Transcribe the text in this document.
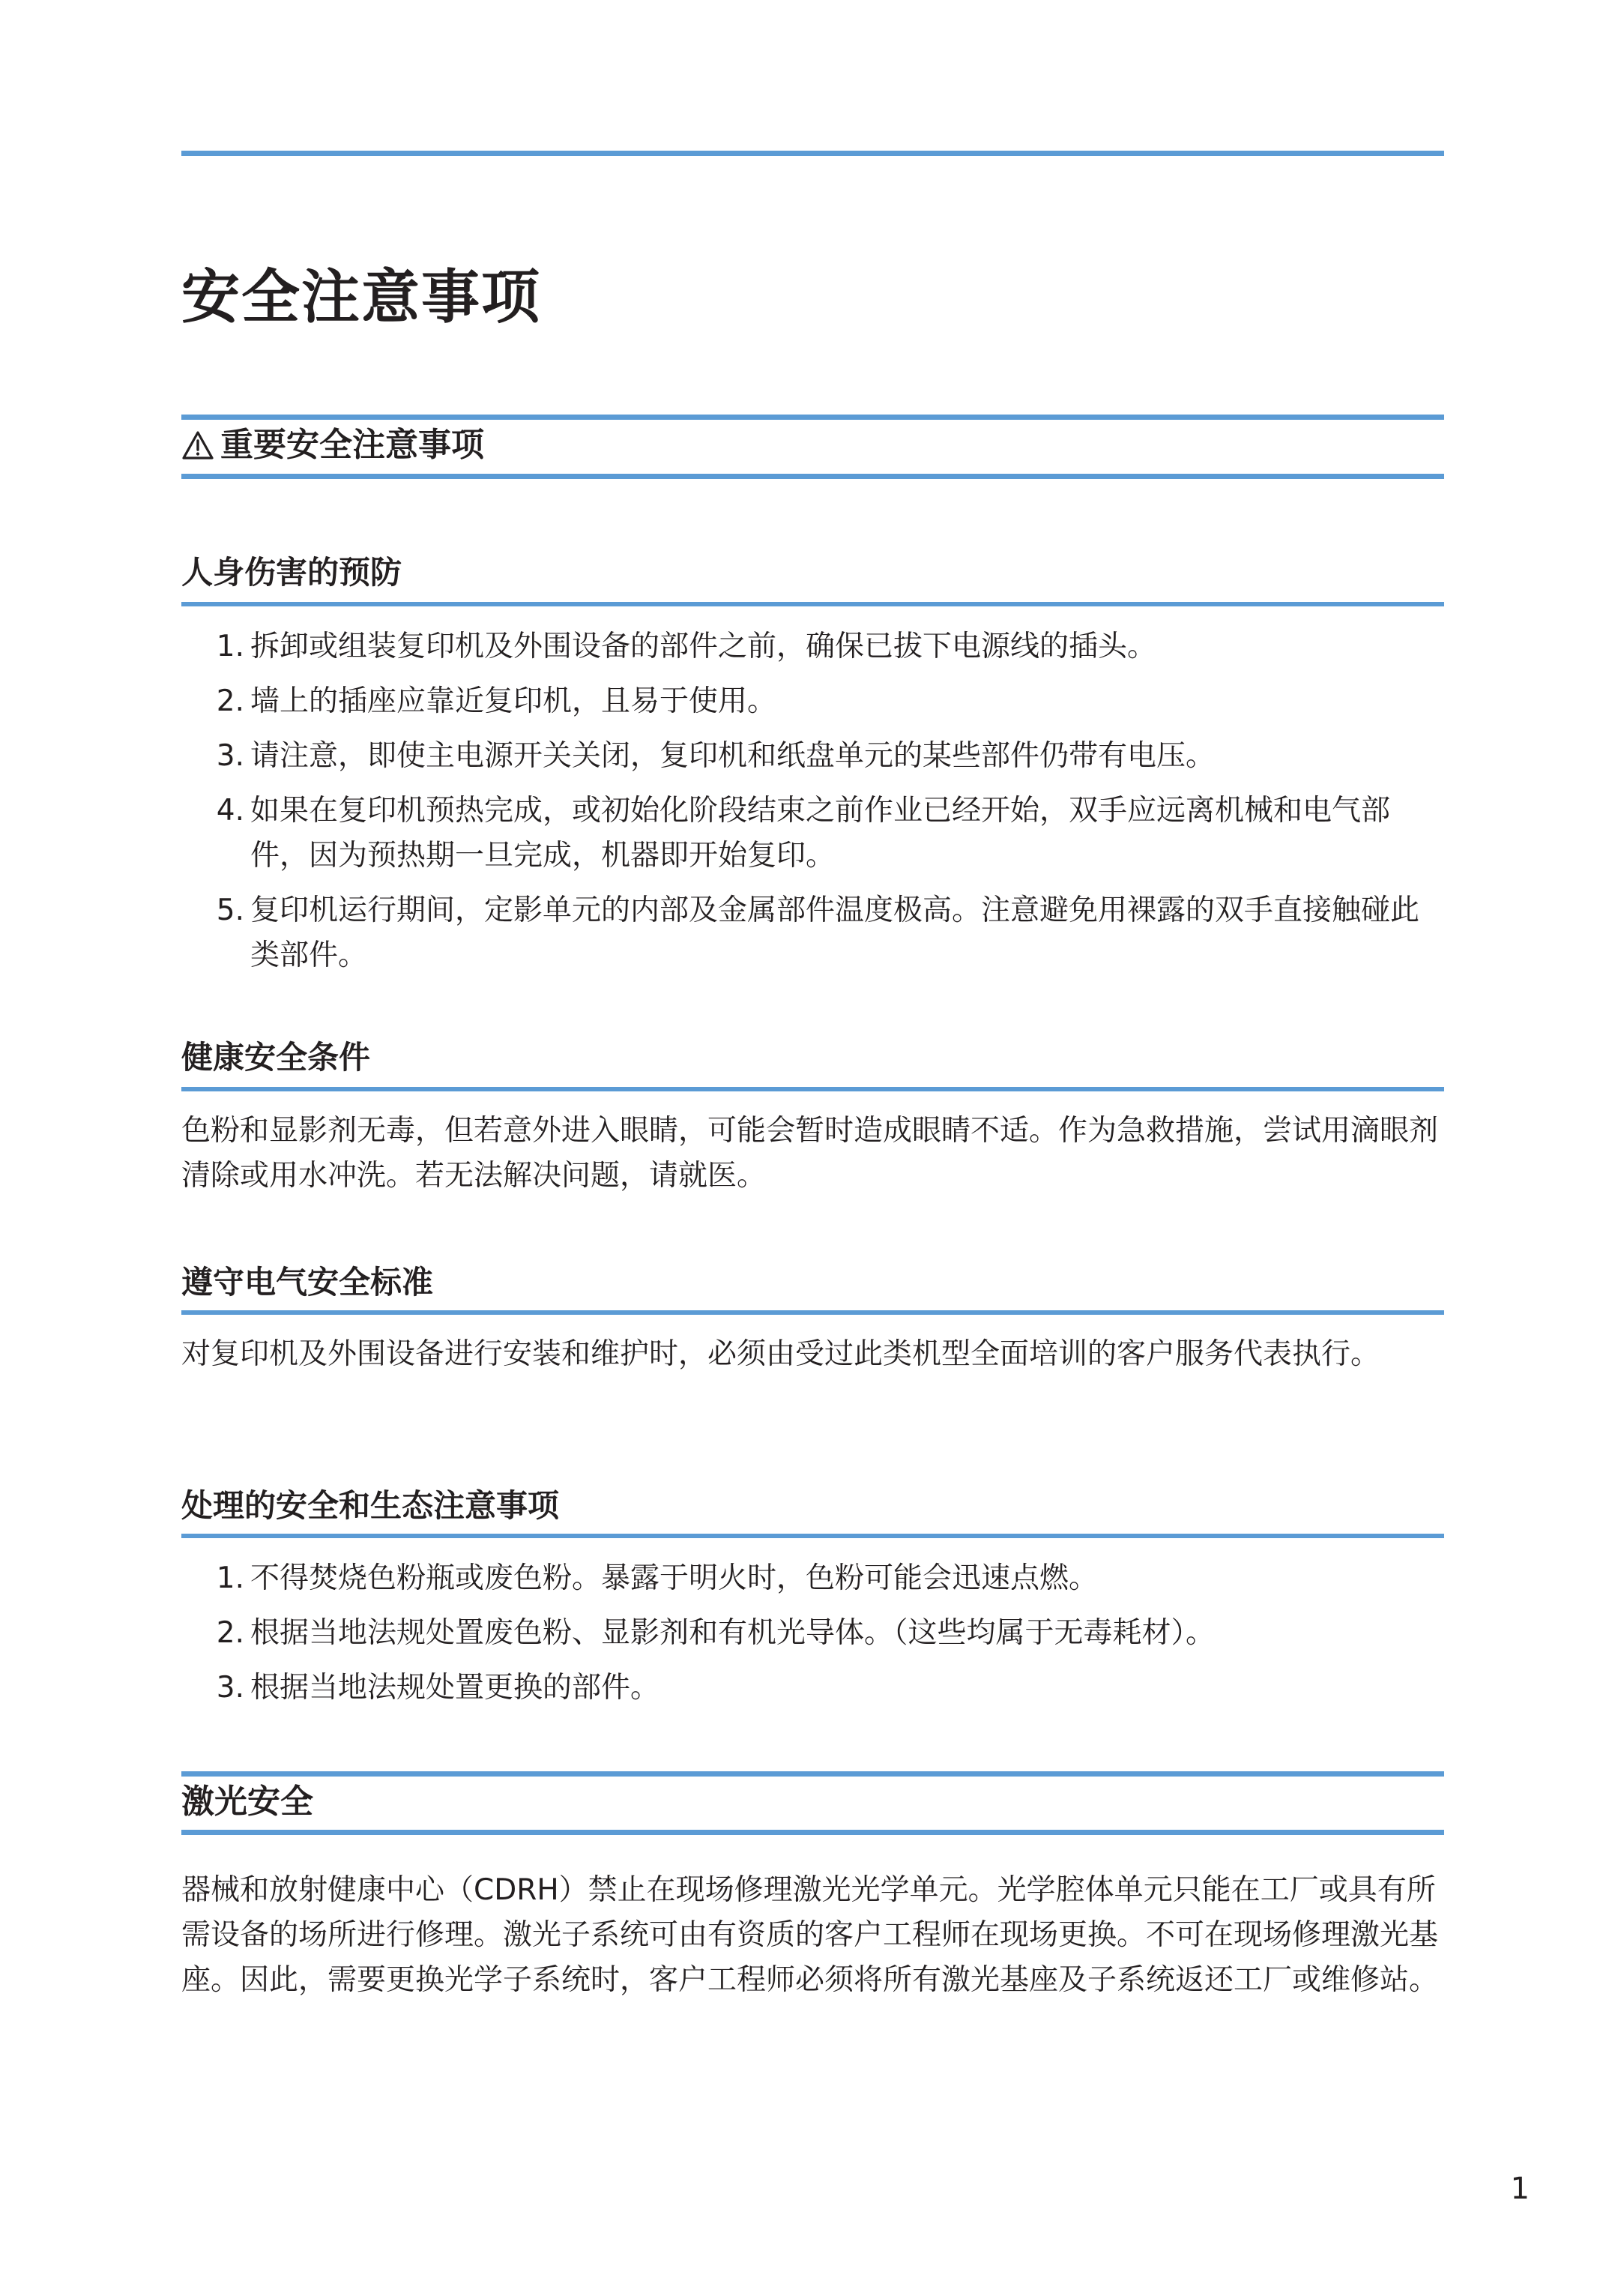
安全注意事项
重要安全注意事项
人身伤害的预防
1. 拆卸或组装复印机及外围设备的部件之前，确保已拔下电源线的插头。
2. 墙上的插座应靠近复印机，且易于使用。
3. 请注意，即使主电源开关关闭，复印机和纸盘单元的某些部件仍带有电压。
4. 如果在复印机预热完成，或初始化阶段结束之前作业已经开始，双手应远离机械和电气部件，因为预热期一旦完成，机器即开始复印。
5. 复印机运行期间，定影单元的内部及金属部件温度极高。注意避免用裸露的双手直接触碰此类部件。
健康安全条件

色粉和显影剂无毒，但若意外进入眼睛，可能会暂时造成眼睛不适。作为急救措施，尝试用滴眼剂清除或用水冲洗。若无法解决问题，请就医。

遵守电气安全标准

对复印机及外围设备进行安装和维护时，必须由受过此类机型全面培训的客户服务代表执行。

处理的安全和生态注意事项
1. 不得焚烧色粉瓶或废色粉。暴露于明火时，色粉可能会迅速点燃。
2. 根据当地法规处置废色粉、显影剂和有机光导体。（这些均属于无毒耗材）。
3. 根据当地法规处置更换的部件。
激光安全

器械和放射健康中心（CDRH）禁止在现场修理激光光学单元。光学腔体单元只能在工厂或具有所需设备的场所进行修理。激光子系统可由有资质的客户工程师在现场更换。不可在现场修理激光基座。因此，需要更换光学子系统时，客户工程师必须将所有激光基座及子系统返还工厂或维修站。

1
